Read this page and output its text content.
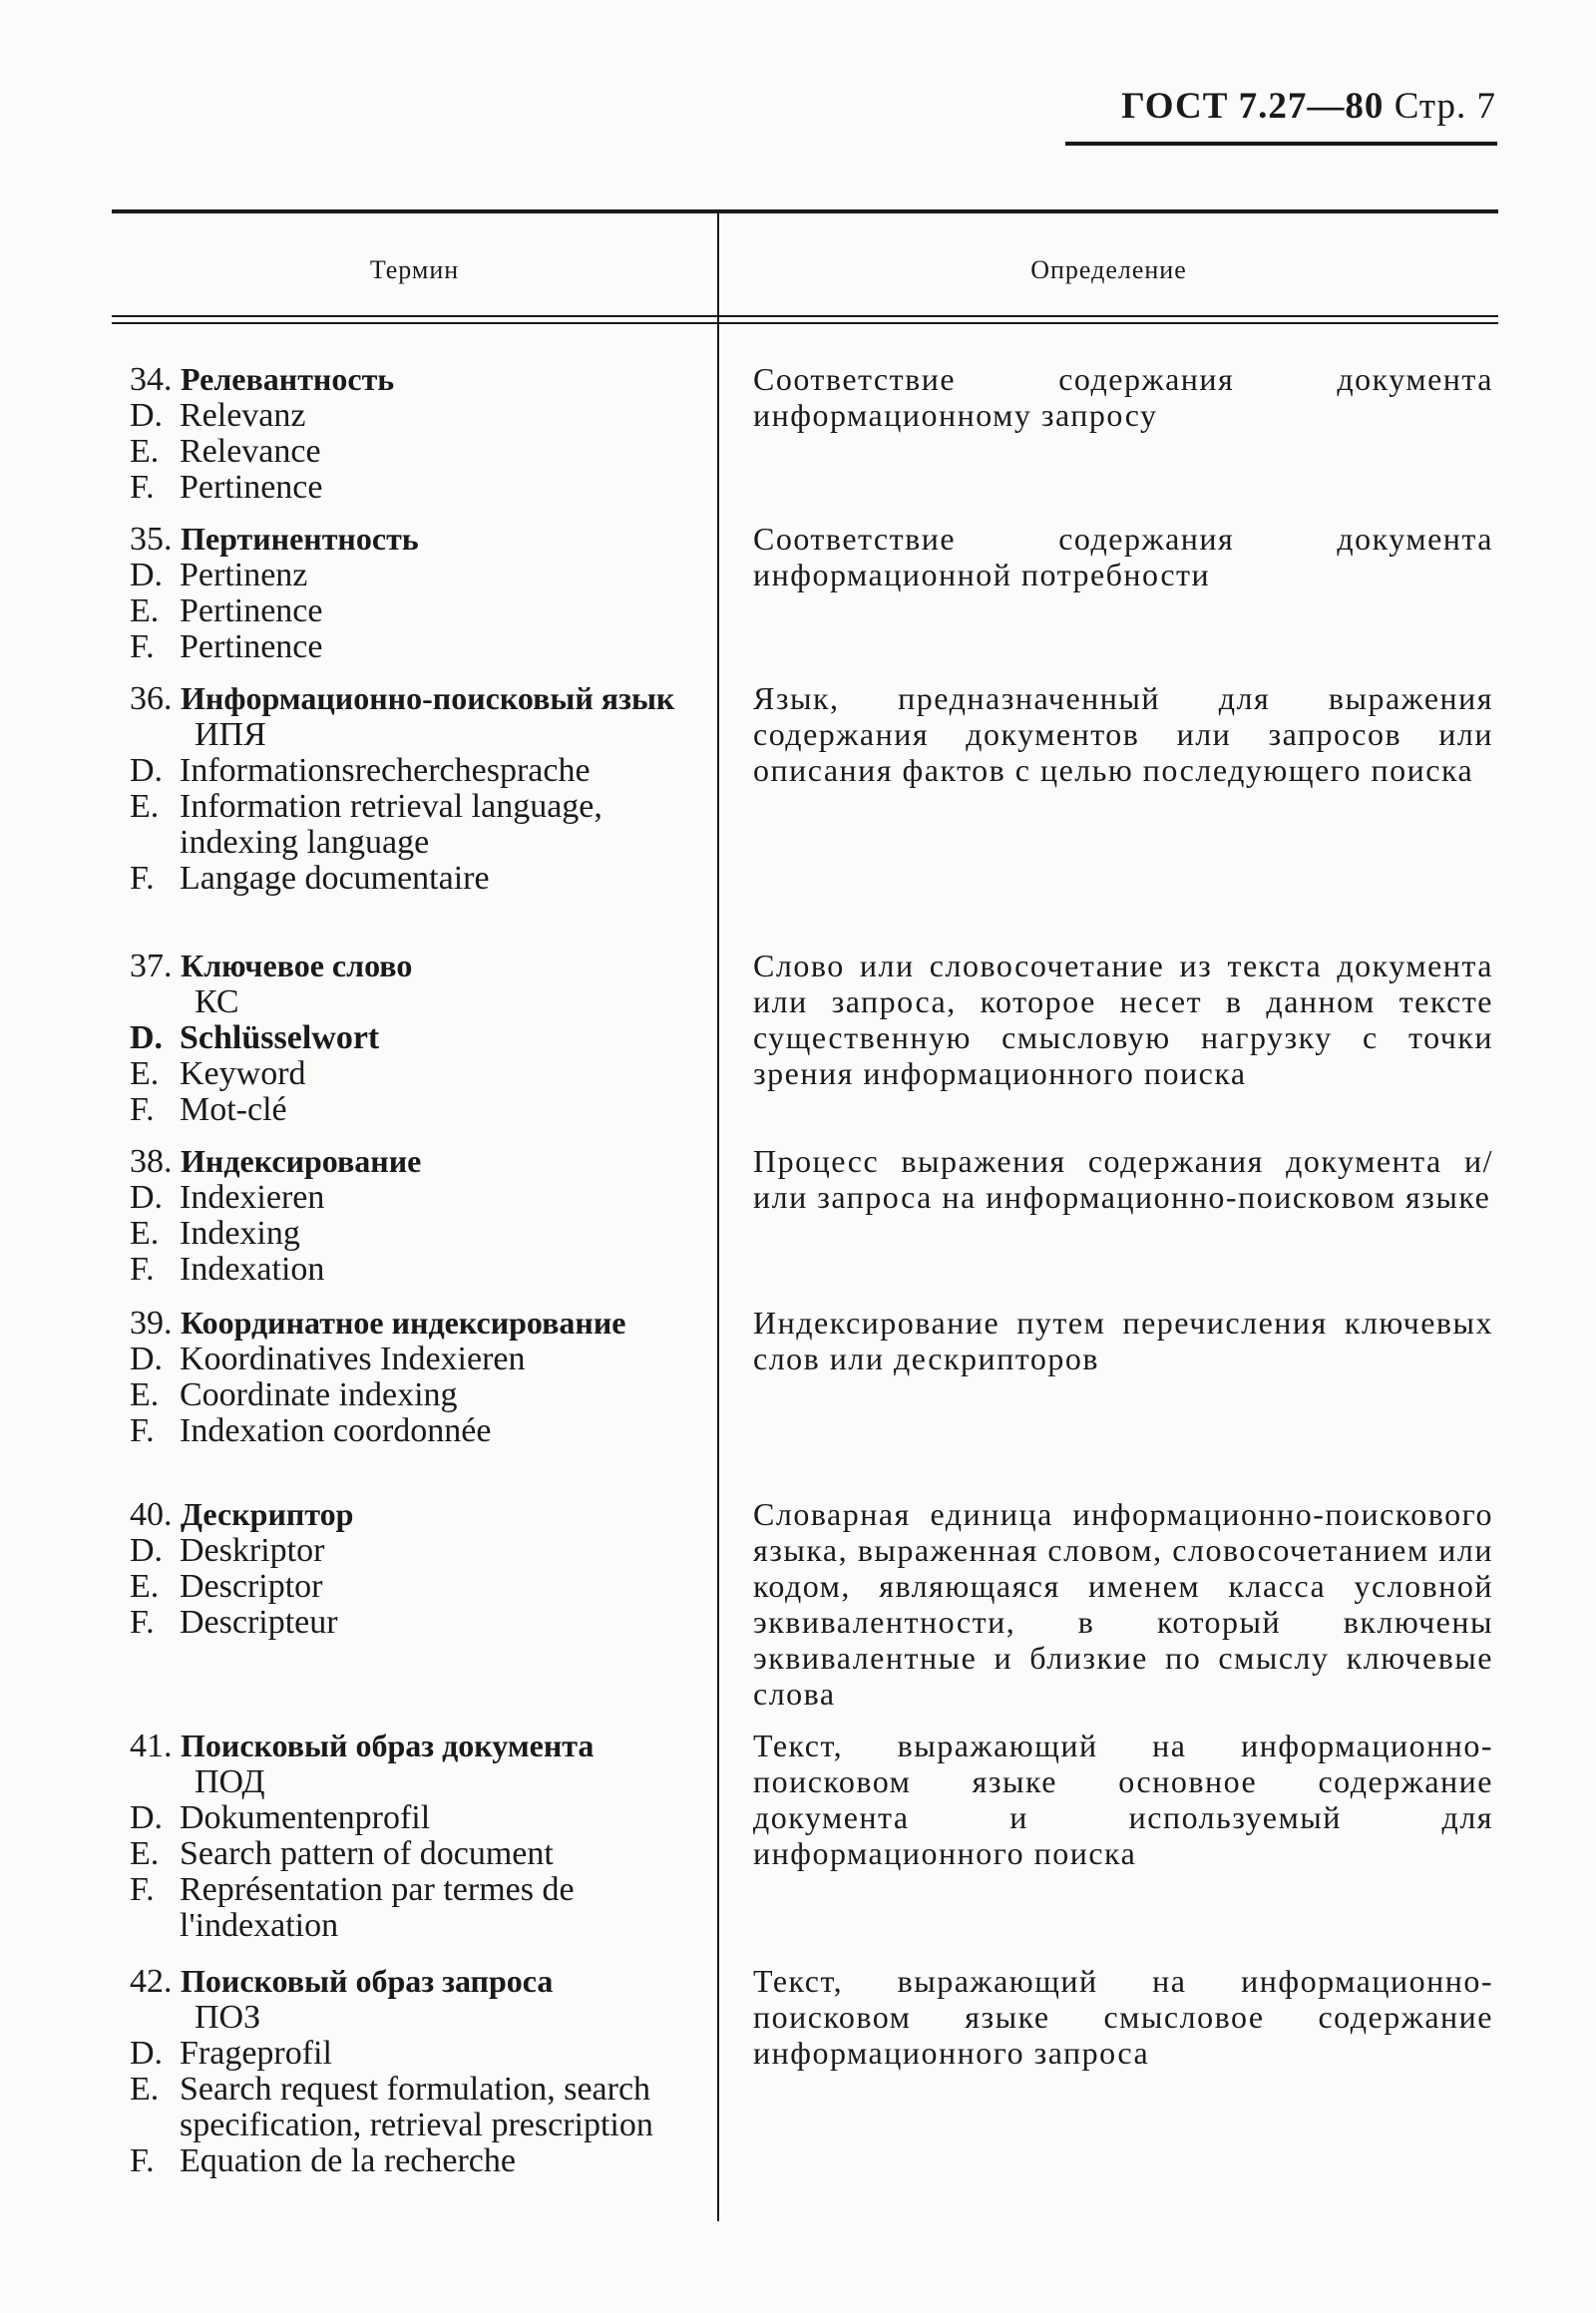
ГОСТ 7.27—80 Стр. 7
Термин	Определение
34. Релевантность
D. Relevanz
E. Relevance
F. Pertinence
Соответствие содержания документа информационному запросу
35. Пертинентность
D. Pertinenz
E. Pertinence
F. Pertinence
Соответствие содержания документа информационной потребности
36. Информационно-поисковый язык
ИПЯ
D. Informationsrecherchesprache
E. Information retrieval language, indexing language
F. Langage documentaire
Язык, предназначенный для выражения содержания документов или запросов или описания фактов с целью последующего поиска
37. Ключевое слово
КС
D. Schlüsselwort
E. Keyword
F. Mot-clé
Слово или словосочетание из текста документа или запроса, которое несет в данном тексте существенную смысловую нагрузку с точки зрения информационного поиска
38. Индексирование
D. Indexieren
E. Indexing
F. Indexation
Процесс выражения содержания документа и/или запроса на информационно-поисковом языке
39. Координатное индексирование
D. Koordinatives Indexieren
E. Coordinate indexing
F. Indexation coordonnée
Индексирование путем перечисления ключевых слов или дескрипторов
40. Дескриптор
D. Deskriptor
E. Descriptor
F. Descripteur
Словарная единица информационно-поискового языка, выраженная словом, словосочетанием или кодом, являющаяся именем класса условной эквивалентности, в который включены эквивалентные и близкие по смыслу ключевые слова
41. Поисковый образ документа
ПОД
D. Dokumentenprofil
E. Search pattern of document
F. Représentation par termes de l'indexation
Текст, выражающий на информационно-поисковом языке основное содержание документа и используемый для информационного поиска
42. Поисковый образ запроса
ПОЗ
D. Frageprofil
E. Search request formulation, search specification, retrieval prescription
F. Equation de la recherche
Текст, выражающий на информационно-поисковом языке смысловое содержание информационного запроса
